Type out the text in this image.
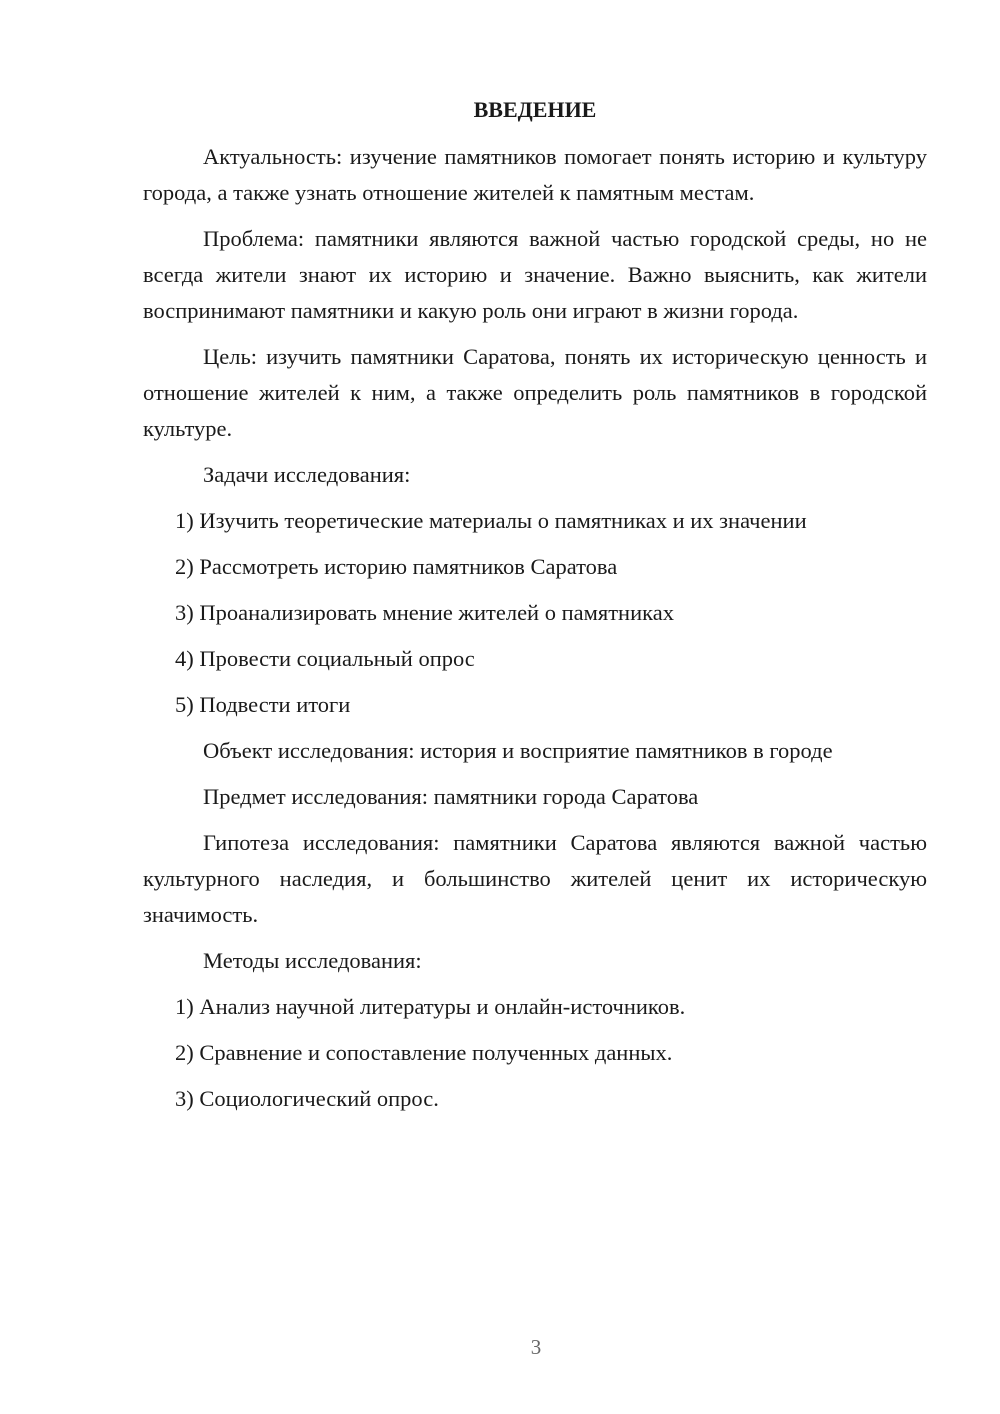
ВВЕДЕНИЕ

Актуальность: изучение памятников помогает понять историю и культуру города, а также узнать отношение жителей к памятным местам.

Проблема: памятники являются важной частью городской среды, но не всегда жители знают их историю и значение. Важно выяснить, как жители воспринимают памятники и какую роль они играют в жизни города.

Цель: изучить памятники Саратова, понять их историческую ценность и отношение жителей к ним, а также определить роль памятников в городской культуре.

Задачи исследования:

1) Изучить теоретические материалы о памятниках и их значении

2) Рассмотреть историю памятников Саратова

3) Проанализировать мнение жителей о памятниках

4) Провести социальный опрос

5) Подвести итоги

Объект исследования: история и восприятие памятников в городе

Предмет исследования: памятники города Саратова

Гипотеза исследования: памятники Саратова являются важной частью культурного наследия, и большинство жителей ценит их историческую значимость.

Методы исследования:

1) Анализ научной литературы и онлайн-источников.

2) Сравнение и сопоставление полученных данных.

3) Социологический опрос.

3
